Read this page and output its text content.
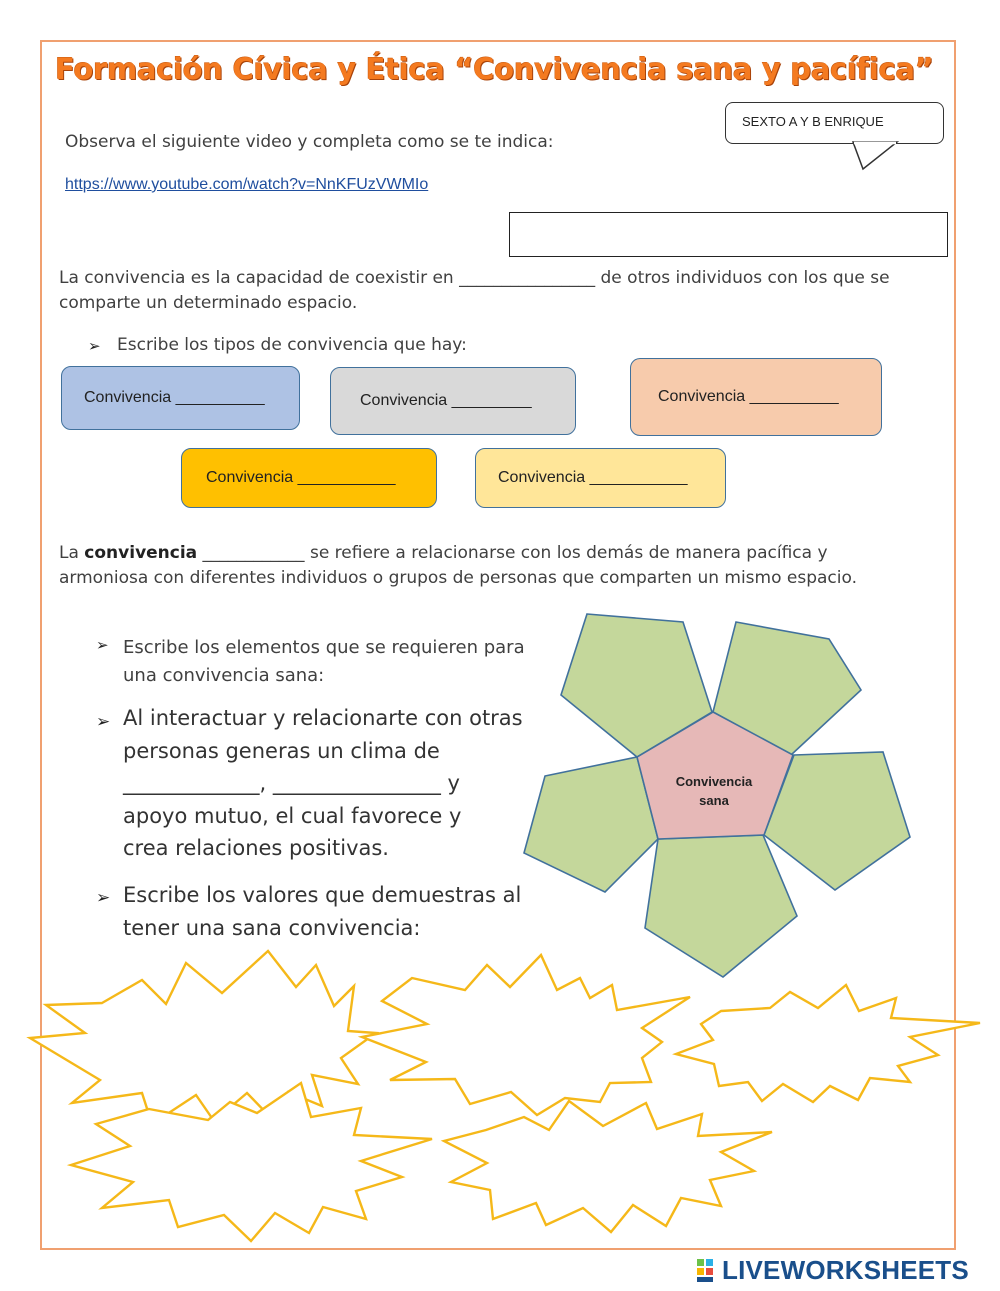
Formación Cívica y Ética “Convivencia sana y pacífica”
SEXTO A Y B ENRIQUE
Observa el siguiente video y completa como se te indica:
https://www.youtube.com/watch?v=NnKFUzVWMIo
La convivencia es la capacidad de coexistir en ________________ de otros individuos con los que se
comparte un determinado espacio.
➢ Escribe los tipos de convivencia que hay:
Convivencia __________	Convivencia _________	Convivencia __________
Convivencia ___________	Convivencia ___________
La convivencia ____________ se refiere a relacionarse con los demás de manera pacífica y
armoniosa con diferentes individuos o grupos de personas que comparten un mismo espacio.
➢ Escribe los elementos que se requieren para
una convivencia sana:
➢ Al interactuar y relacionarte con otras
personas generas un clima de
_____________, ________________ y
apoyo mutuo, el cual favorece y
crea relaciones positivas.
➢ Escribe los valores que demuestras al
tener una sana convivencia:
Convivencia
sana
LIVEWORKSHEETS
